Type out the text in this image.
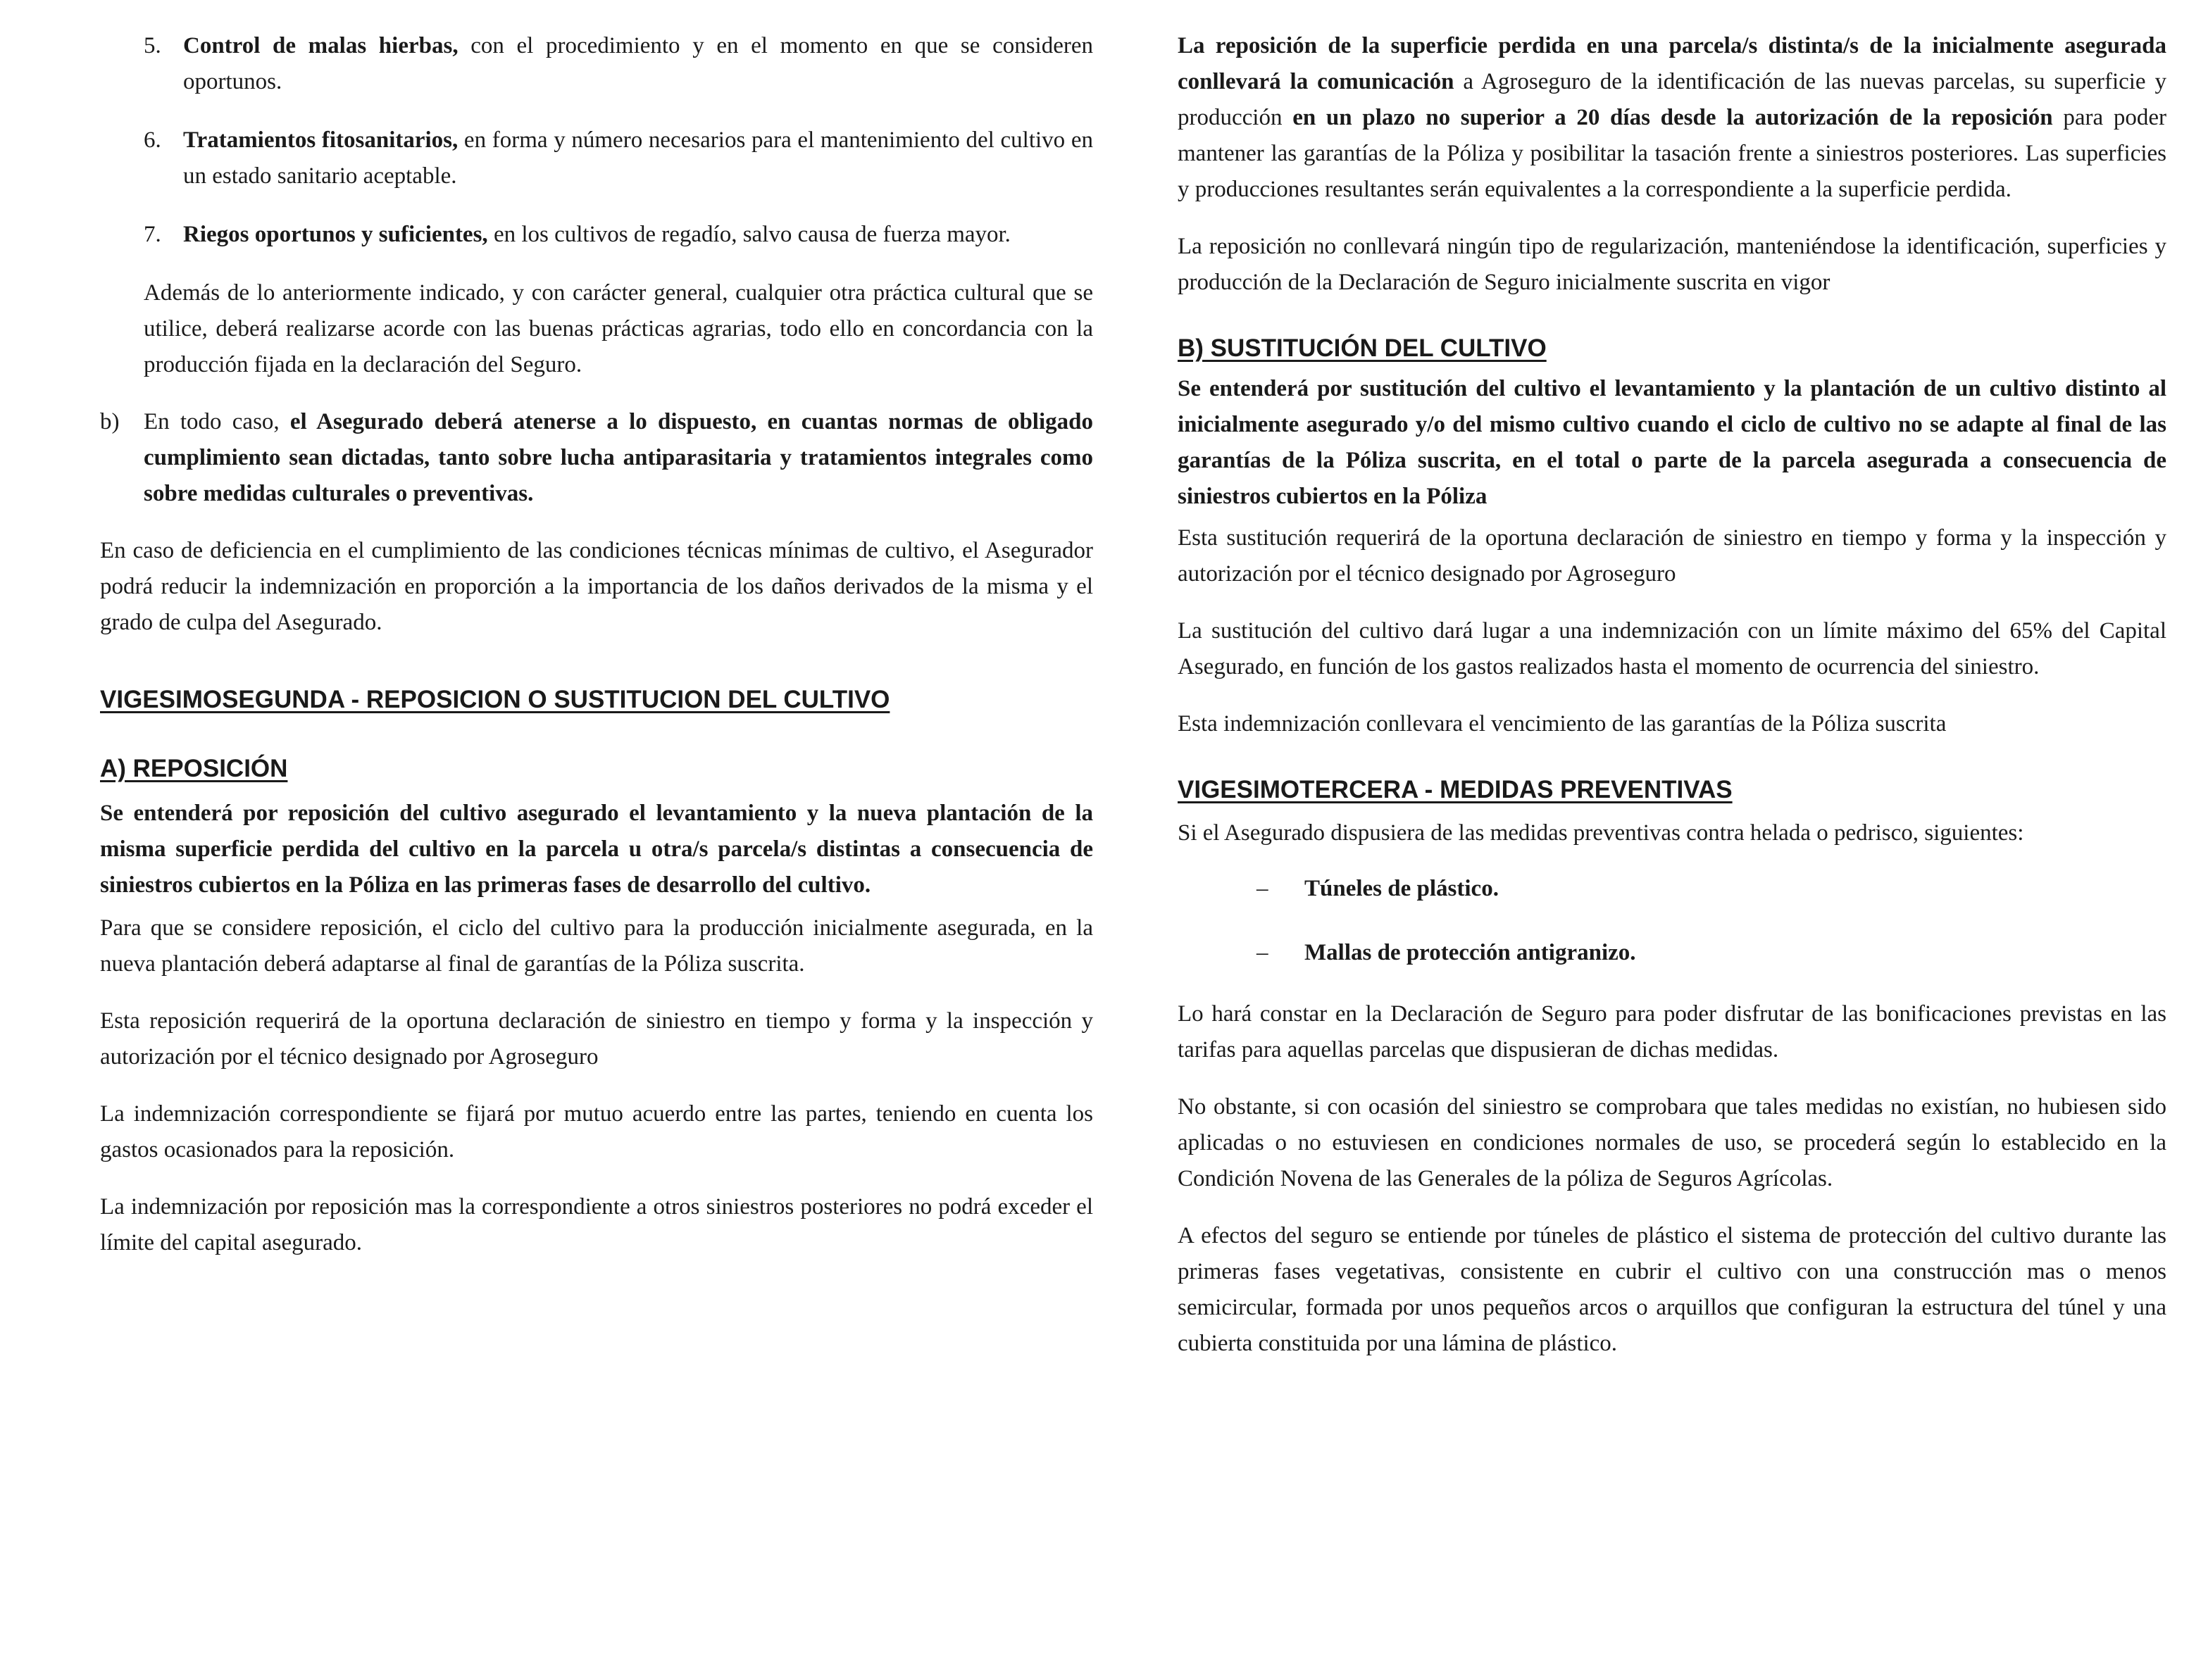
5. Control de malas hierbas, con el procedimiento y en el momento en que se consideren oportunos.
6. Tratamientos fitosanitarios, en forma y número necesarios para el mantenimiento del cultivo en un estado sanitario aceptable.
7. Riegos oportunos y suficientes, en los cultivos de regadío, salvo causa de fuerza mayor.

Además de lo anteriormente indicado, y con carácter general, cualquier otra práctica cultural que se utilice, deberá realizarse acorde con las buenas prácticas agrarias, todo ello en concordancia con la producción fijada en la declaración del Seguro.

b) En todo caso, el Asegurado deberá atenerse a lo dispuesto, en cuantas normas de obligado cumplimiento sean dictadas, tanto sobre lucha antiparasitaria y tratamientos integrales como sobre medidas culturales o preventivas.

En caso de deficiencia en el cumplimiento de las condiciones técnicas mínimas de cultivo, el Asegurador podrá reducir la indemnización en proporción a la importancia de los daños derivados de la misma y el grado de culpa del Asegurado.

VIGESIMOSEGUNDA - REPOSICION O SUSTITUCION DEL CULTIVO
A) REPOSICIÓN

Se entenderá por reposición del cultivo asegurado el levantamiento y la nueva plantación de la misma superficie perdida del cultivo en la parcela u otra/s parcela/s distintas a consecuencia de siniestros cubiertos en la Póliza en las primeras fases de desarrollo del cultivo.

Para que se considere reposición, el ciclo del cultivo para la producción inicialmente asegurada, en la nueva plantación deberá adaptarse al final de garantías de la Póliza suscrita.

Esta reposición requerirá de la oportuna declaración de siniestro en tiempo y forma y la inspección y autorización por el técnico designado por Agroseguro

La indemnización correspondiente se fijará por mutuo acuerdo entre las partes, teniendo en cuenta los gastos ocasionados para la reposición.

La indemnización por reposición mas la correspondiente a otros siniestros posteriores no podrá exceder el límite del capital asegurado.

La reposición de la superficie perdida en una parcela/s distinta/s de la inicialmente asegurada conllevará la comunicación a Agroseguro de la identificación de las nuevas parcelas, su superficie y producción en un plazo no superior a 20 días desde la autorización de la reposición para poder mantener las garantías de la Póliza y posibilitar la tasación frente a siniestros posteriores. Las superficies y producciones resultantes serán equivalentes a la correspondiente a la superficie perdida.

La reposición no conllevará ningún tipo de regularización, manteniéndose la identificación, superficies y producción de la Declaración de Seguro inicialmente suscrita en vigor

B) SUSTITUCIÓN DEL CULTIVO

Se entenderá por sustitución del cultivo el levantamiento y la plantación de un cultivo distinto al inicialmente asegurado y/o del mismo cultivo cuando el ciclo de cultivo no se adapte al final de las garantías de la Póliza suscrita, en el total o parte de la parcela asegurada a consecuencia de siniestros cubiertos en la Póliza

Esta sustitución requerirá de la oportuna declaración de siniestro en tiempo y forma y la inspección y autorización por el técnico designado por Agroseguro

La sustitución del cultivo dará lugar a una indemnización con un límite máximo del 65% del Capital Asegurado, en función de los gastos realizados hasta el momento de ocurrencia del siniestro.

Esta indemnización conllevara el vencimiento de las garantías de la Póliza suscrita

VIGESIMOTERCERA - MEDIDAS PREVENTIVAS

Si el Asegurado dispusiera de las medidas preventivas contra helada o pedrisco, siguientes:

– Túneles de plástico.
– Mallas de protección antigranizo.

Lo hará constar en la Declaración de Seguro para poder disfrutar de las bonificaciones previstas en las tarifas para aquellas parcelas que dispusieran de dichas medidas.

No obstante, si con ocasión del siniestro se comprobara que tales medidas no existían, no hubiesen sido aplicadas o no estuviesen en condiciones normales de uso, se procederá según lo establecido en la Condición Novena de las Generales de la póliza de Seguros Agrícolas.

A efectos del seguro se entiende por túneles de plástico el sistema de protección del cultivo durante las primeras fases vegetativas, consistente en cubrir el cultivo con una construcción mas o menos semicircular, formada por unos pequeños arcos o arquillos que configuran la estructura del túnel y una cubierta constituida por una lámina de plástico.
